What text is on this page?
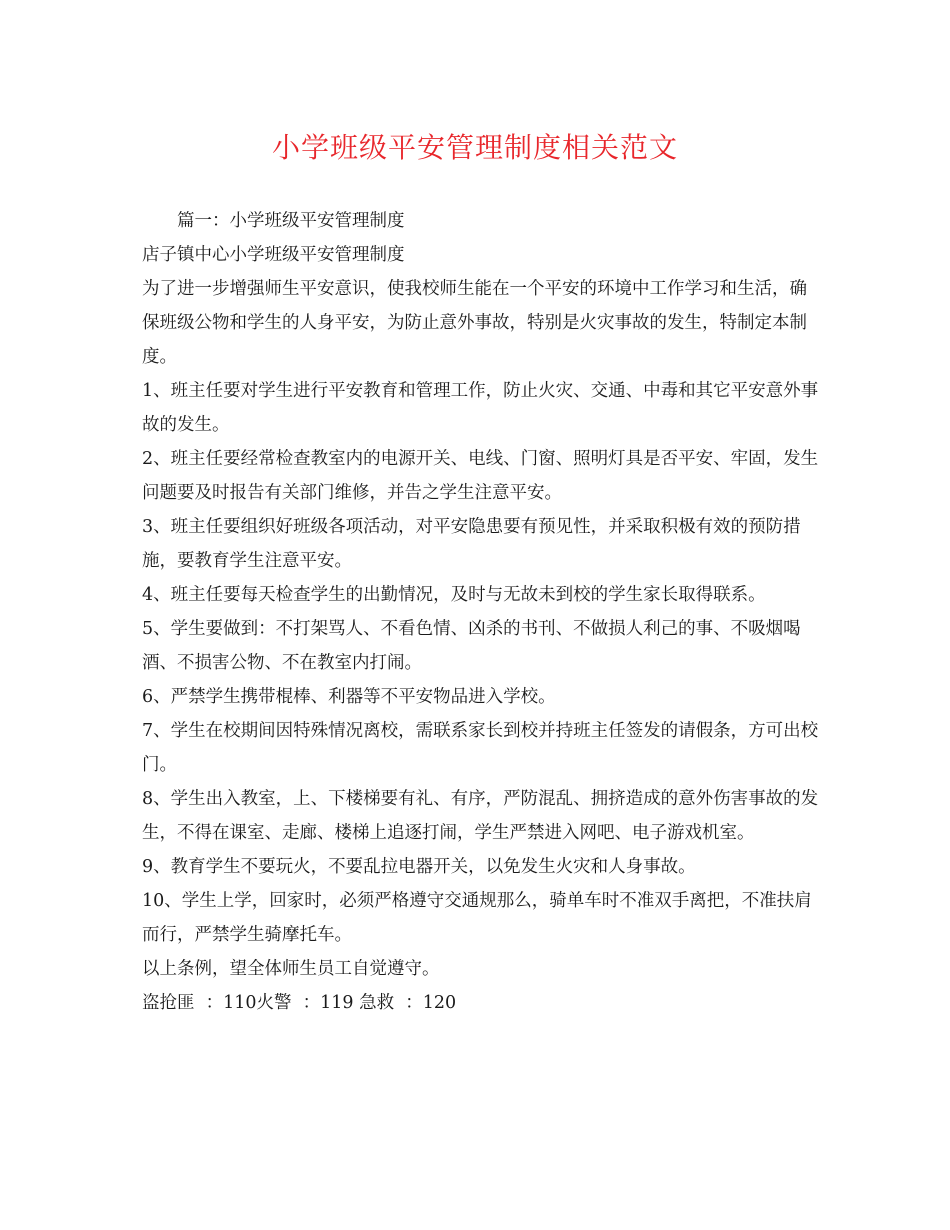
小学班级平安管理制度相关范文

篇一：小学班级平安管理制度

店子镇中心小学班级平安管理制度

为了进一步增强师生平安意识，使我校师生能在一个平安的环境中工作学习和生活，确保班级公物和学生的人身平安，为防止意外事故，特别是火灾事故的发生，特制定本制度。

1、班主任要对学生进行平安教育和管理工作，防止火灾、交通、中毒和其它平安意外事故的发生。

2、班主任要经常检查教室内的电源开关、电线、门窗、照明灯具是否平安、牢固，发生问题要及时报告有关部门维修，并告之学生注意平安。

3、班主任要组织好班级各项活动，对平安隐患要有预见性，并采取积极有效的预防措施，要教育学生注意平安。

4、班主任要每天检查学生的出勤情况，及时与无故未到校的学生家长取得联系。

5、学生要做到：不打架骂人、不看色情、凶杀的书刊、不做损人利己的事、不吸烟喝酒、不损害公物、不在教室内打闹。

6、严禁学生携带棍棒、利器等不平安物品进入学校。

7、学生在校期间因特殊情况离校，需联系家长到校并持班主任签发的请假条，方可出校门。

8、学生出入教室，上、下楼梯要有礼、有序，严防混乱、拥挤造成的意外伤害事故的发生，不得在课室、走廊、楼梯上追逐打闹，学生严禁进入网吧、电子游戏机室。

9、教育学生不要玩火，不要乱拉电器开关，以免发生火灾和人身事故。

10、学生上学，回家时，必须严格遵守交通规那么，骑单车时不准双手离把，不准扶肩而行，严禁学生骑摩托车。

以上条例，望全体师生员工自觉遵守。

盗抢匪  ：110火警  ：119 急救  ：120
